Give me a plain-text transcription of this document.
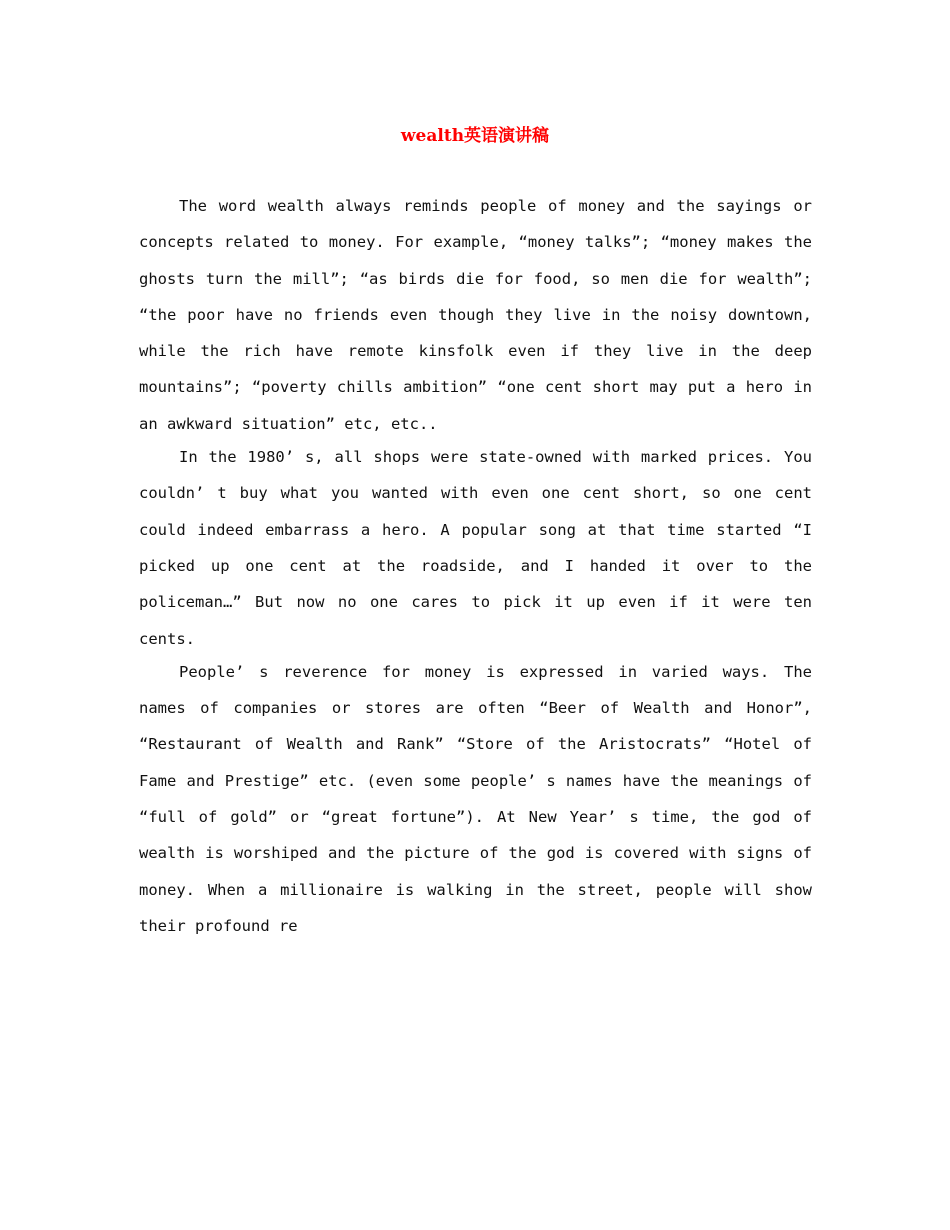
wealth英语演讲稿

The word wealth always reminds people of money and the sayings or concepts related to money. For example, “money talks”; “money makes the ghosts turn the mill”; “as birds die for food, so men die for wealth”; “the poor have no friends even though they live in the noisy downtown, while the rich have remote kinsfolk even if they live in the deep mountains”; “poverty chills ambition” “one cent short may put a hero in an awkward situation” etc, etc..

In the 1980’ s, all shops were state-owned with marked prices. You couldn’ t buy what you wanted with even one cent short, so one cent could indeed embarrass a hero. A popular song at that time started “I picked up one cent at the roadside, and I handed it over to the policeman…” But now no one cares to pick it up even if it were ten cents.

People’ s reverence for money is expressed in varied ways. The names of companies or stores are often “Beer of Wealth and Honor”, “Restaurant of Wealth and Rank” “Store of the Aristocrats” “Hotel of Fame and Prestige” etc. (even some people’ s names have the meanings of “full of gold” or “great fortune”). At New Year’ s time, the god of wealth is worshiped and the picture of the god is covered with signs of money. When a millionaire is walking in the street, people will show their profound re
